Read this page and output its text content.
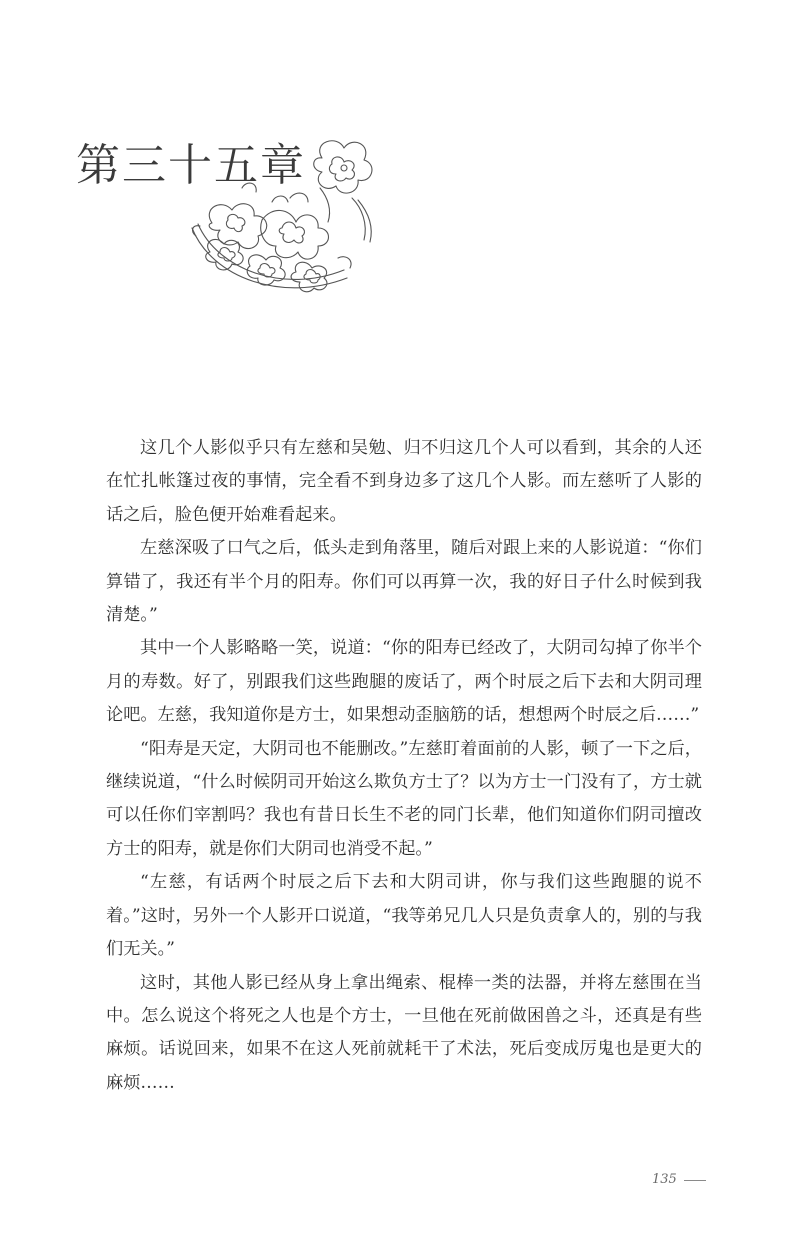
第三十五章

这几个人影似乎只有左慈和吴勉、归不归这几个人可以看到，其余的人还在忙扎帐篷过夜的事情，完全看不到身边多了这几个人影。而左慈听了人影的话之后，脸色便开始难看起来。

左慈深吸了口气之后，低头走到角落里，随后对跟上来的人影说道：“你们算错了，我还有半个月的阳寿。你们可以再算一次，我的好日子什么时候到我清楚。”

其中一个人影略略一笑，说道：“你的阳寿已经改了，大阴司勾掉了你半个月的寿数。好了，别跟我们这些跑腿的废话了，两个时辰之后下去和大阴司理论吧。左慈，我知道你是方士，如果想动歪脑筋的话，想想两个时辰之后……”

“阳寿是天定，大阴司也不能删改。”左慈盯着面前的人影，顿了一下之后，继续说道，“什么时候阴司开始这么欺负方士了？以为方士一门没有了，方士就可以任你们宰割吗？我也有昔日长生不老的同门长辈，他们知道你们阴司擅改方士的阳寿，就是你们大阴司也消受不起。”

“左慈，有话两个时辰之后下去和大阴司讲，你与我们这些跑腿的说不着。”这时，另外一个人影开口说道，“我等弟兄几人只是负责拿人的，别的与我们无关。”

这时，其他人影已经从身上拿出绳索、棍棒一类的法器，并将左慈围在当中。怎么说这个将死之人也是个方士，一旦他在死前做困兽之斗，还真是有些麻烦。话说回来，如果不在这人死前就耗干了术法，死后变成厉鬼也是更大的麻烦……

135
